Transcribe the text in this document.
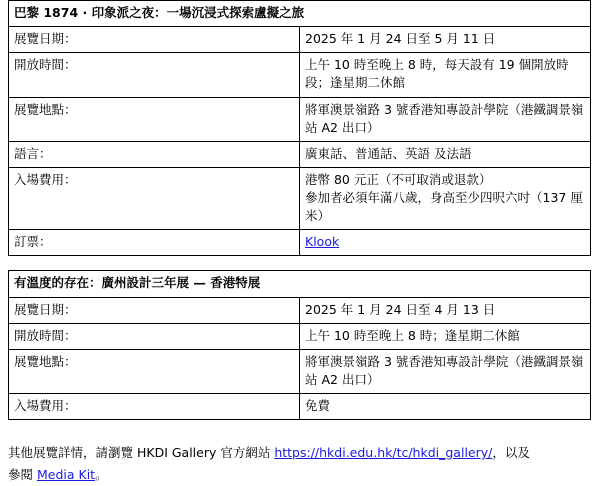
巴黎 1874 · 印象派之夜：一場沉浸式探索盧擬之旅	
展覽日期：	2025 年 1 月 24 日至 5 月 11 日
開放時間：	上午 10 時至晚上 8 時，每天設有 19 個開放時段；逢星期二休館
展覽地點：	將軍澳景嶺路 3 號香港知專設計學院（港鐵調景嶺站 A2 出口）
語言：	廣東話、普通話、英語 及法語
入場費用：	港幣 80 元正（不可取消或退款）
參加者必須年滿八歲，身高至少四呎六吋（137 厘米）

訂票：	Klook
有溫度的存在：廣州設計三年展 — 香港特展	
展覽日期：	2025 年 1 月 24 日至 4 月 13 日
開放時間：	上午 10 時至晚上 8 時；逢星期二休館
展覽地點：	將軍澳景嶺路 3 號香港知專設計學院（港鐵調景嶺站 A2 出口）
入場費用：	免費
其他展覽詳情，請瀏覽 HKDI Gallery 官方網站 https://hkdi.edu.hk/tc/hkdi_gallery/，以及
參閱 Media Kit。
